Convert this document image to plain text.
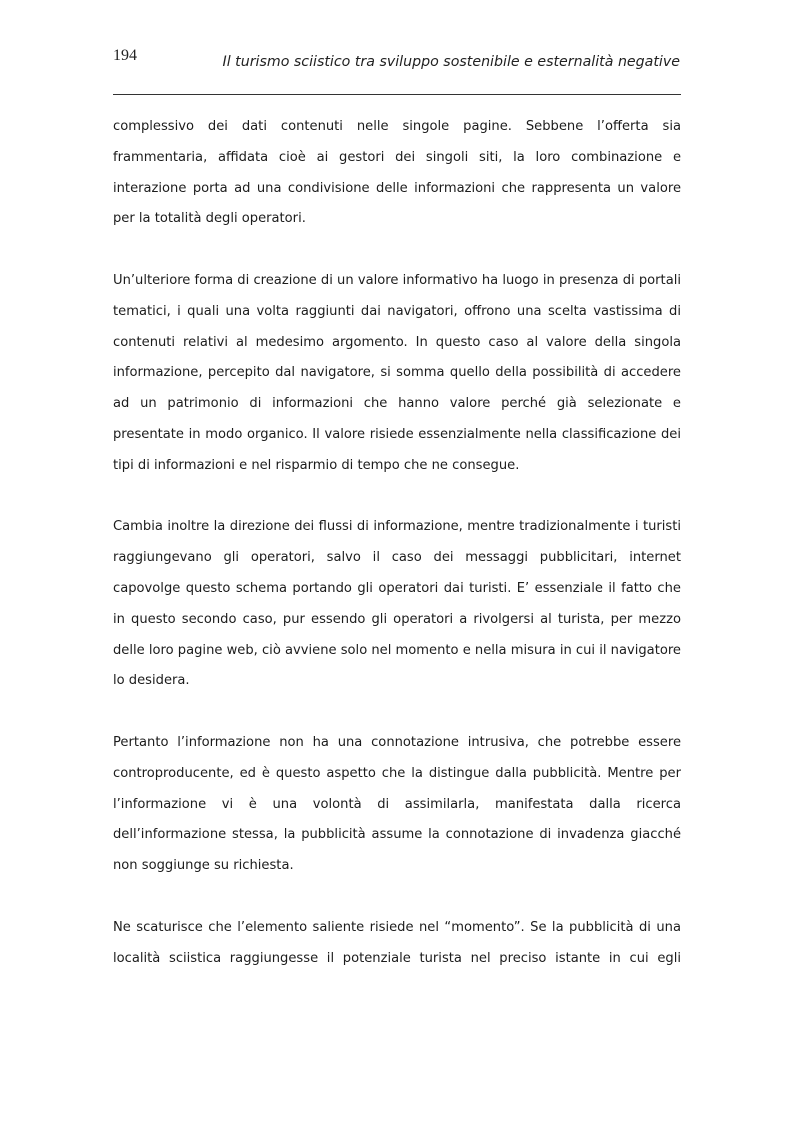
194	Il turismo sciistico tra sviluppo sostenibile e esternalità negative

complessivo dei dati contenuti nelle singole pagine. Sebbene l’offerta sia frammentaria, affidata cioè ai gestori dei singoli siti, la loro combinazione e interazione porta ad una condivisione delle informazioni che rappresenta un valore per la totalità degli operatori.

Un’ulteriore forma di creazione di un valore informativo ha luogo in presenza di portali tematici, i quali una volta raggiunti dai navigatori, offrono una scelta vastissima di contenuti relativi al medesimo argomento. In questo caso al valore della singola informazione, percepito dal navigatore, si somma quello della possibilità di accedere ad un patrimonio di informazioni che hanno valore perché già selezionate e presentate in modo organico. Il valore risiede essenzialmente nella classificazione dei tipi di informazioni e nel risparmio di tempo che ne consegue.

Cambia inoltre la direzione dei flussi di informazione, mentre tradizionalmente i turisti raggiungevano gli operatori, salvo il caso dei messaggi pubblicitari, internet capovolge questo schema portando gli operatori dai turisti. E’ essenziale il fatto che in questo secondo caso, pur essendo gli operatori a rivolgersi al turista, per mezzo delle loro pagine web, ciò avviene solo nel momento e nella misura in cui il navigatore lo desidera.

Pertanto l’informazione non ha una connotazione intrusiva, che potrebbe essere controproducente, ed è questo aspetto che la distingue dalla pubblicità. Mentre per l’informazione vi è una volontà di assimilarla, manifestata dalla ricerca dell’informazione stessa, la pubblicità assume la connotazione di invadenza giacché non soggiunge su richiesta.

Ne scaturisce che l’elemento saliente risiede nel “momento”. Se la pubblicità di una località sciistica raggiungesse il potenziale turista nel preciso istante in cui egli
